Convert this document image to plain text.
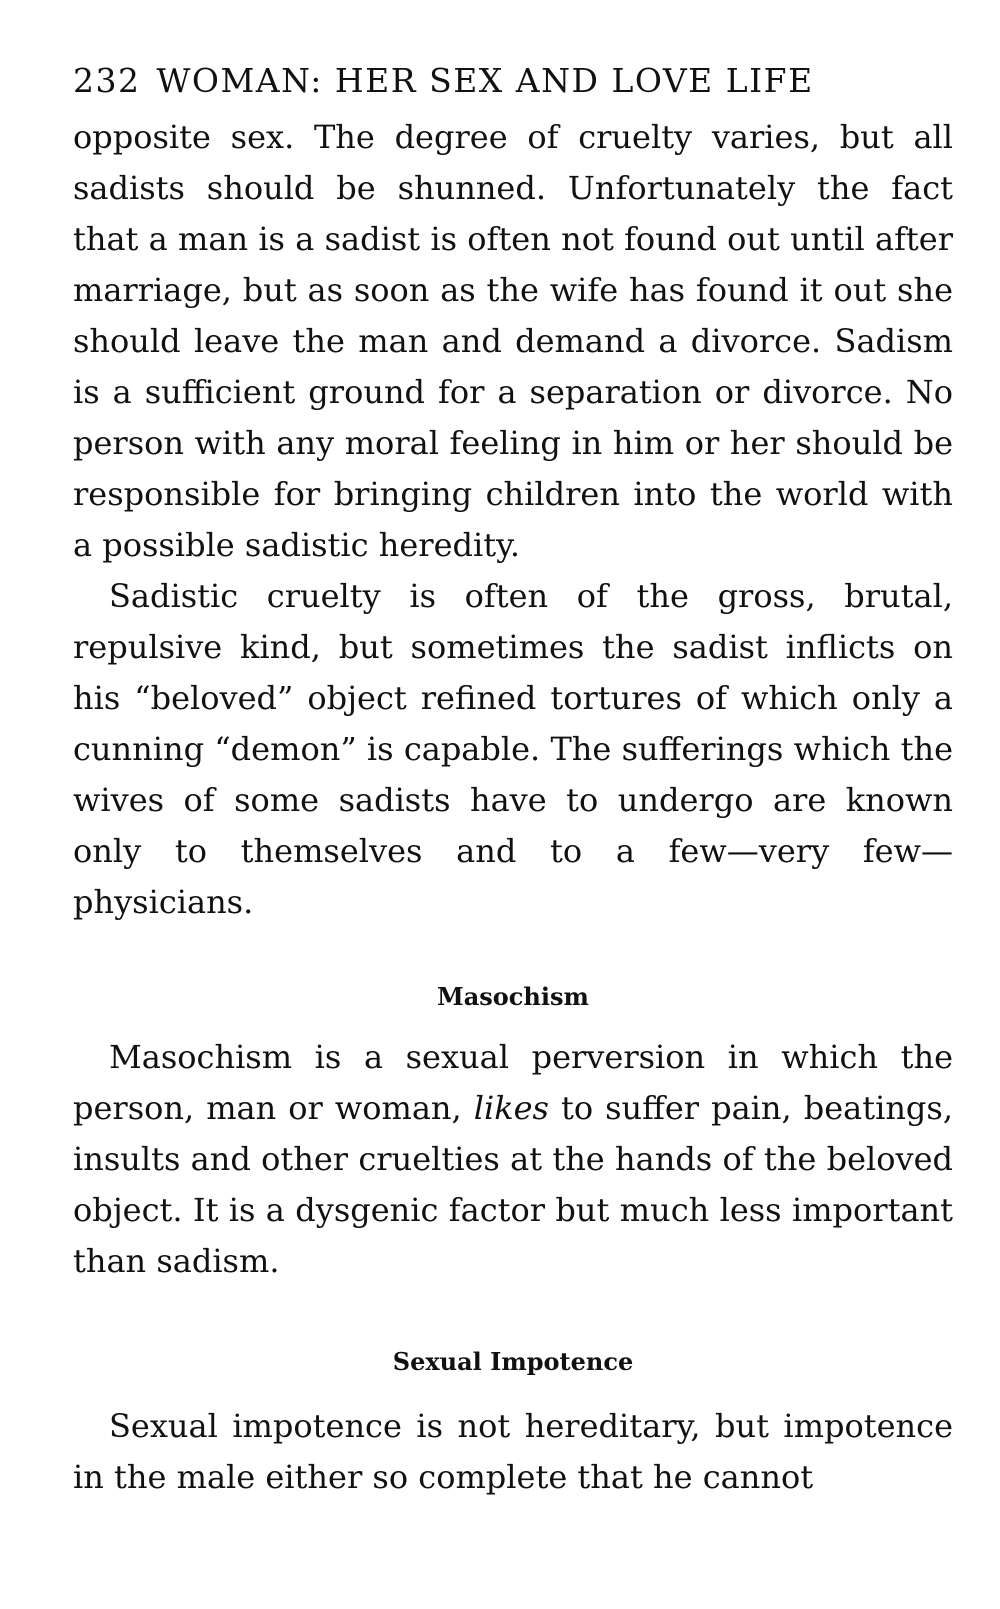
232 WOMAN: HER SEX AND LOVE LIFE

opposite sex. The degree of cruelty varies, but all sadists should be shunned. Unfortunately the fact that a man is a sadist is often not found out until after marriage, but as soon as the wife has found it out she should leave the man and demand a divorce. Sadism is a sufficient ground for a separation or divorce. No person with any moral feeling in him or her should be responsible for bringing children into the world with a possible sadistic heredity.

Sadistic cruelty is often of the gross, brutal, repulsive kind, but sometimes the sadist inflicts on his “beloved” object refined tortures of which only a cunning “demon” is capable. The sufferings which the wives of some sadists have to undergo are known only to themselves and to a few—very few—physicians.

Masochism

Masochism is a sexual perversion in which the person, man or woman, likes to suffer pain, beatings, insults and other cruelties at the hands of the beloved object. It is a dysgenic factor but much less important than sadism.

Sexual Impotence

Sexual impotence is not hereditary, but impotence in the male either so complete that he cannot
